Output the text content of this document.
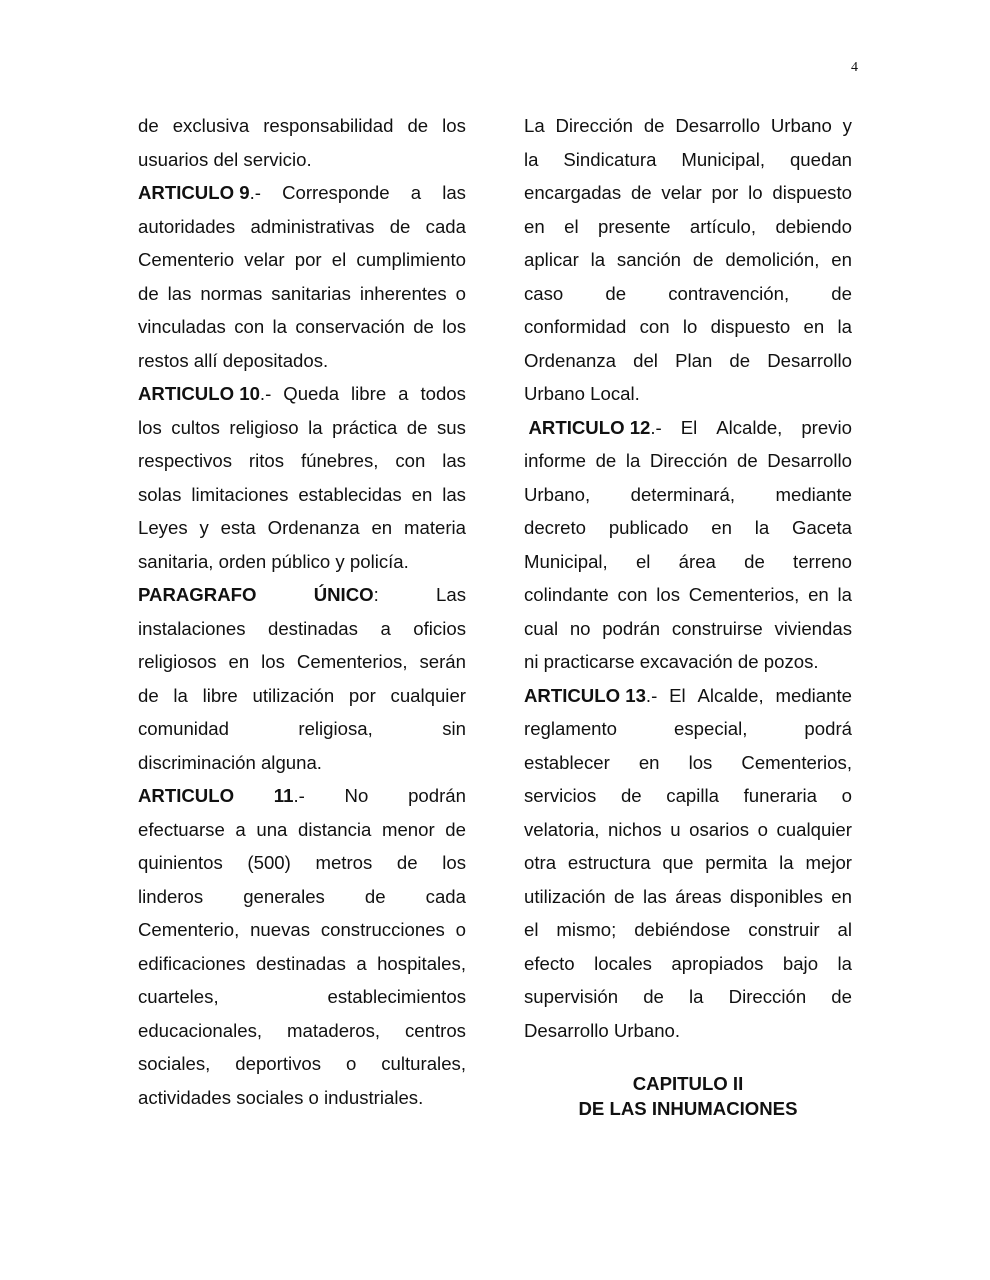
4
de exclusiva responsabilidad de los
usuarios del servicio.
ARTICULO 9.- Corresponde a las
autoridades administrativas de cada
Cementerio velar por el cumplimiento
de las normas sanitarias inherentes o
vinculadas con la conservación de los
restos allí depositados.
ARTICULO 10.- Queda libre a todos
los cultos religioso la práctica de sus
respectivos ritos fúnebres, con las
solas limitaciones establecidas en las
Leyes y esta Ordenanza en materia
sanitaria, orden público y policía.
PARAGRAFO	ÚNICO:	Las
instalaciones destinadas a oficios
religiosos en los Cementerios, serán
de la libre utilización por cualquier
comunidad	religiosa,	sin
discriminación alguna.
ARTICULO 11.- No podrán
efectuarse a una distancia menor de
quinientos (500) metros de los
linderos generales de cada
Cementerio, nuevas construcciones o
edificaciones destinadas a hospitales,
cuarteles,	establecimientos
educacionales, mataderos, centros
sociales, deportivos o culturales,
actividades sociales o industriales.
La Dirección de Desarrollo Urbano y
la Sindicatura Municipal, quedan
encargadas de velar por lo dispuesto
en el presente artículo, debiendo
aplicar la sanción de demolición, en
caso de contravención, de
conformidad con lo dispuesto en la
Ordenanza del Plan de Desarrollo
Urbano Local.
ARTICULO 12.- El Alcalde, previo
informe de la Dirección de Desarrollo
Urbano, determinará, mediante
decreto publicado en la Gaceta
Municipal, el área de terreno
colindante con los Cementerios, en la
cual no podrán construirse viviendas
ni practicarse excavación de pozos.
ARTICULO 13.- El Alcalde, mediante
reglamento	especial,	podrá
establecer en los Cementerios,
servicios de capilla funeraria o
velatoria, nichos u osarios o cualquier
otra estructura que permita la mejor
utilización de las áreas disponibles en
el mismo; debiéndose construir al
efecto locales apropiados bajo la
supervisión de la Dirección de
Desarrollo Urbano.
CAPITULO II
DE LAS INHUMACIONES
